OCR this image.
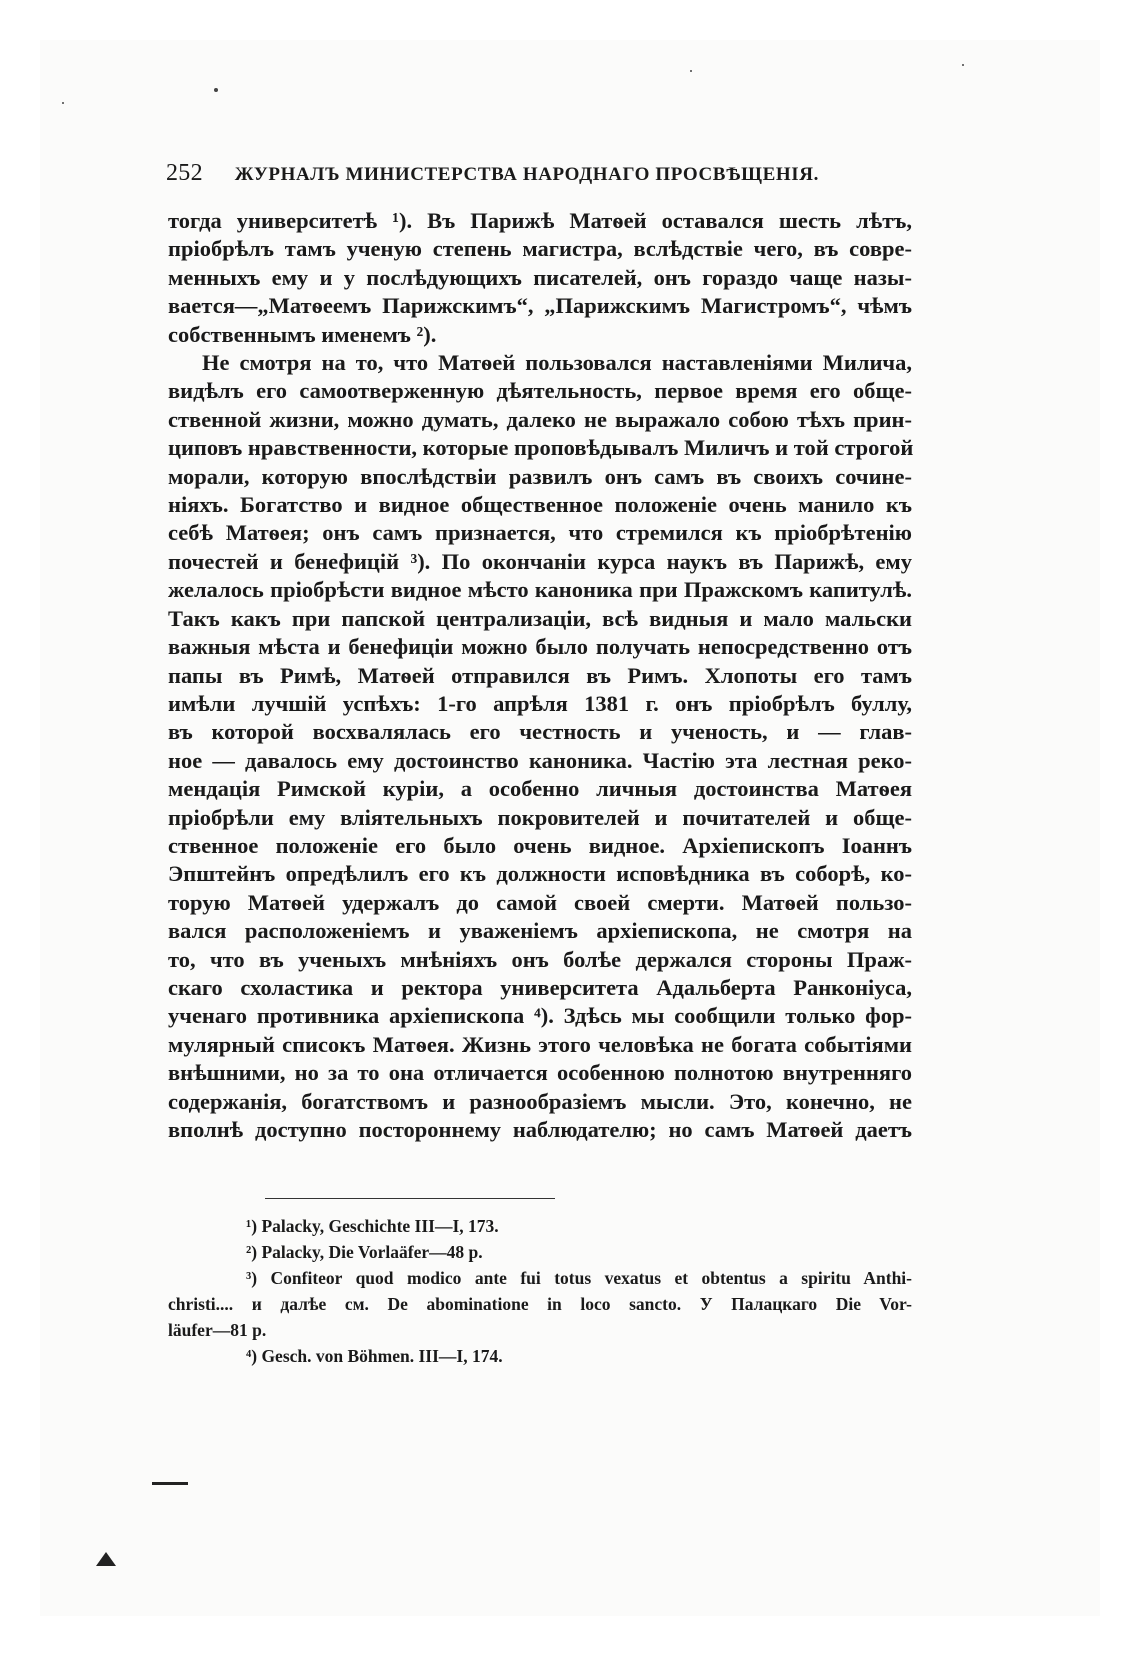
252 ЖУРНАЛЪ МИНИСТЕРСТВА НАРОДНАГО ПРОСВѢЩЕНІЯ.
тогда университетѣ ¹). Въ Парижѣ Матѳей оставался шесть лѣтъ,
пріобрѣлъ тамъ ученую степень магистра, вслѣдствіе чего, въ совре-
менныхъ ему и у послѣдующихъ писателей, онъ гораздо чаще назы-
вается—„Матѳеемъ Парижскимъ“, „Парижскимъ Магистромъ“, чѣмъ
собственнымъ именемъ ²).
Не смотря на то, что Матѳей пользовался наставленіями Милича,
видѣлъ его самоотверженную дѣятельность, первое время его обще-
ственной жизни, можно думать, далеко не выражало собою тѣхъ прин-
циповъ нравственности, которые проповѣдывалъ Миличъ и той строгой
морали, которую впослѣдствіи развилъ онъ самъ въ своихъ сочине-
ніяхъ. Богатство и видное общественное положеніе очень манило къ
себѣ Матѳея; онъ самъ признается, что стремился къ пріобрѣтенію
почестей и бенефицій ³). По окончаніи курса наукъ въ Парижѣ, ему
желалось пріобрѣсти видное мѣсто каноника при Пражскомъ капитулѣ.
Такъ какъ при папской централизаціи, всѣ видныя и мало мальски
важныя мѣста и бенефиціи можно было получать непосредственно отъ
папы въ Римѣ, Матѳей отправился въ Римъ. Хлопоты его тамъ
имѣли лучшій успѣхъ: 1-го апрѣля 1381 г. онъ пріобрѣлъ буллу,
въ которой восхвалялась его честность и ученость, и — глав-
ное — давалось ему достоинство каноника. Частію эта лестная реко-
мендація Римской куріи, а особенно личныя достоинства Матѳея
пріобрѣли ему вліятельныхъ покровителей и почитателей и обще-
ственное положеніе его было очень видное. Архіепископъ Іоаннъ
Эпштейнъ опредѣлилъ его къ должности исповѣдника въ соборѣ, ко-
торую Матѳей удержалъ до самой своей смерти. Матѳей пользо-
вался расположеніемъ и уваженіемъ архіепископа, не смотря на
то, что въ ученыхъ мнѣніяхъ онъ болѣе держался стороны Праж-
скаго схоластика и ректора университета Адальберта Ранконіуса,
ученаго противника архіепископа ⁴). Здѣсь мы сообщили только фор-
мулярный списокъ Матѳея. Жизнь этого человѣка не богата событіями
внѣшними, но за то она отличается особенною полнотою внутренняго
содержанія, богатствомъ и разнообразіемъ мысли. Это, конечно, не
вполнѣ доступно постороннему наблюдателю; но самъ Матѳей даетъ
¹) Palacky, Geschichte III—I, 173.
²) Palacky, Die Vorlaäfer—48 p.
³) Confiteor quod modico ante fui totus vexatus et obtentus a spiritu Anthi-
christi.... и далѣе см. De abominatione in loco sancto. У Палацкаго Die Vor-
läufer—81 p.
⁴) Gesch. von Böhmen. III—I, 174.
